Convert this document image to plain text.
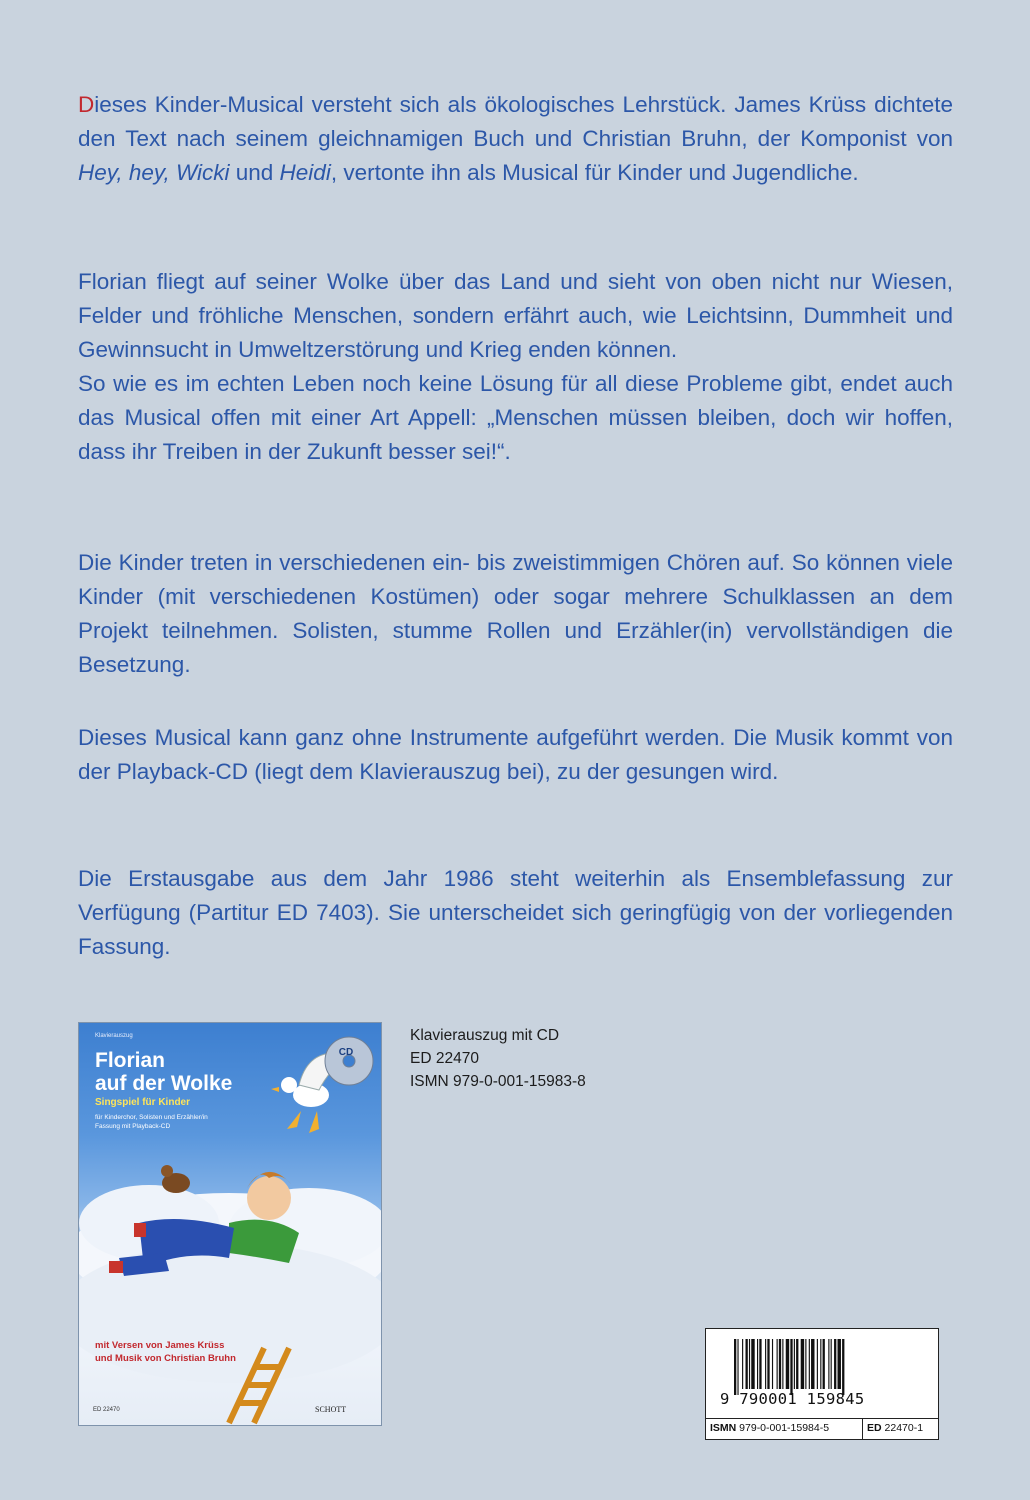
Dieses Kinder-Musical versteht sich als ökologisches Lehrstück. James Krüss dichtete den Text nach seinem gleichnamigen Buch und Christian Bruhn, der Komponist von Hey, hey, Wicki und Heidi, vertonte ihn als Musical für Kinder und Jugendliche.

Florian fliegt auf seiner Wolke über das Land und sieht von oben nicht nur Wiesen, Felder und fröhliche Menschen, sondern erfährt auch, wie Leichtsinn, Dummheit und Gewinnsucht in Umweltzerstörung und Krieg enden können.

So wie es im echten Leben noch keine Lösung für all diese Probleme gibt, endet auch das Musical offen mit einer Art Appell: „Menschen müssen bleiben, doch wir hoffen, dass ihr Treiben in der Zukunft besser sei!“.

Die Kinder treten in verschiedenen ein- bis zweistimmigen Chören auf. So können viele Kinder (mit verschiedenen Kostümen) oder sogar mehrere Schulklassen an dem Projekt teilnehmen. Solisten, stumme Rollen und Erzähler(in) vervollständigen die Besetzung.

Dieses Musical kann ganz ohne Instrumente aufgeführt werden. Die Musik kommt von der Playback-CD (liegt dem Klavierauszug bei), zu der gesungen wird.

Die Erstausgabe aus dem Jahr 1986 steht weiterhin als Ensemblefassung zur Verfügung (Partitur ED 7403). Sie unterscheidet sich geringfügig von der vorliegenden Fassung.

Klavierauszug
Florian
auf der Wolke
CD
Singspiel für Kinder
für Kinderchor, Solisten und Erzähler/in
Fassung mit Playback-CD
mit Versen von James Krüss
und Musik von Christian Bruhn
ED 22470	SCHOTT
Klavierauszug mit CD
ED 22470
ISMN 979-0-001-15983-8
9 790001 159845
ISMN 979-0-001-15984-5	ED 22470-1
